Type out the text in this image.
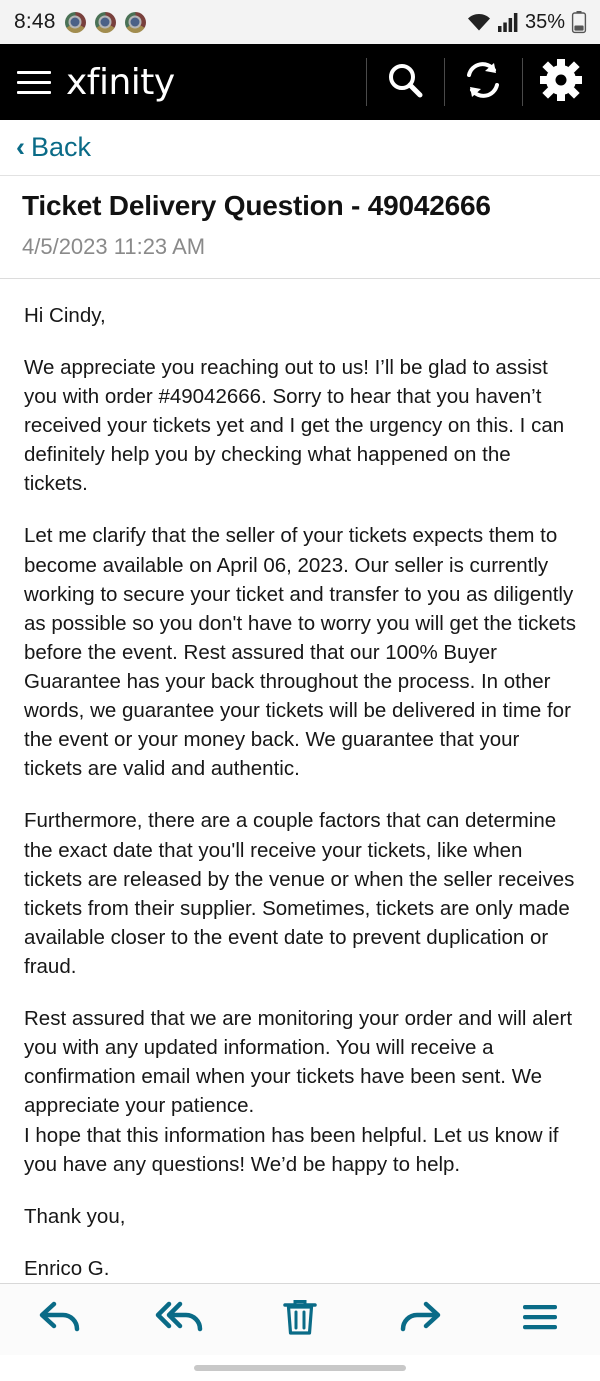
8:48	35%
xfinity
‹ Back
Ticket Delivery Question - 49042666
4/5/2023 11:23 AM

Hi Cindy,

We appreciate you reaching out to us! I’ll be glad to assist you with order #49042666. Sorry to hear that you haven’t received your tickets yet and I get the urgency on this. I can definitely help you by checking what happened on the tickets.

Let me clarify that the seller of your tickets expects them to become available on April 06, 2023. Our seller is currently working to secure your ticket and transfer to you as diligently as possible so you don't have to worry you will get the tickets before the event. Rest assured that our 100% Buyer Guarantee has your back throughout the process. In other words, we guarantee your tickets will be delivered in time for the event or your money back. We guarantee that your tickets are valid and authentic.

Furthermore, there are a couple factors that can determine the exact date that you'll receive your tickets, like when tickets are released by the venue or when the seller receives tickets from their supplier. Sometimes, tickets are only made available closer to the event date to prevent duplication or fraud.

Rest assured that we are monitoring your order and will alert you with any updated information. You will receive a confirmation email when your tickets have been sent. We appreciate your patience.

I hope that this information has been helpful. Let us know if you have any questions! We’d be happy to help.

Thank you,

Enrico G.
